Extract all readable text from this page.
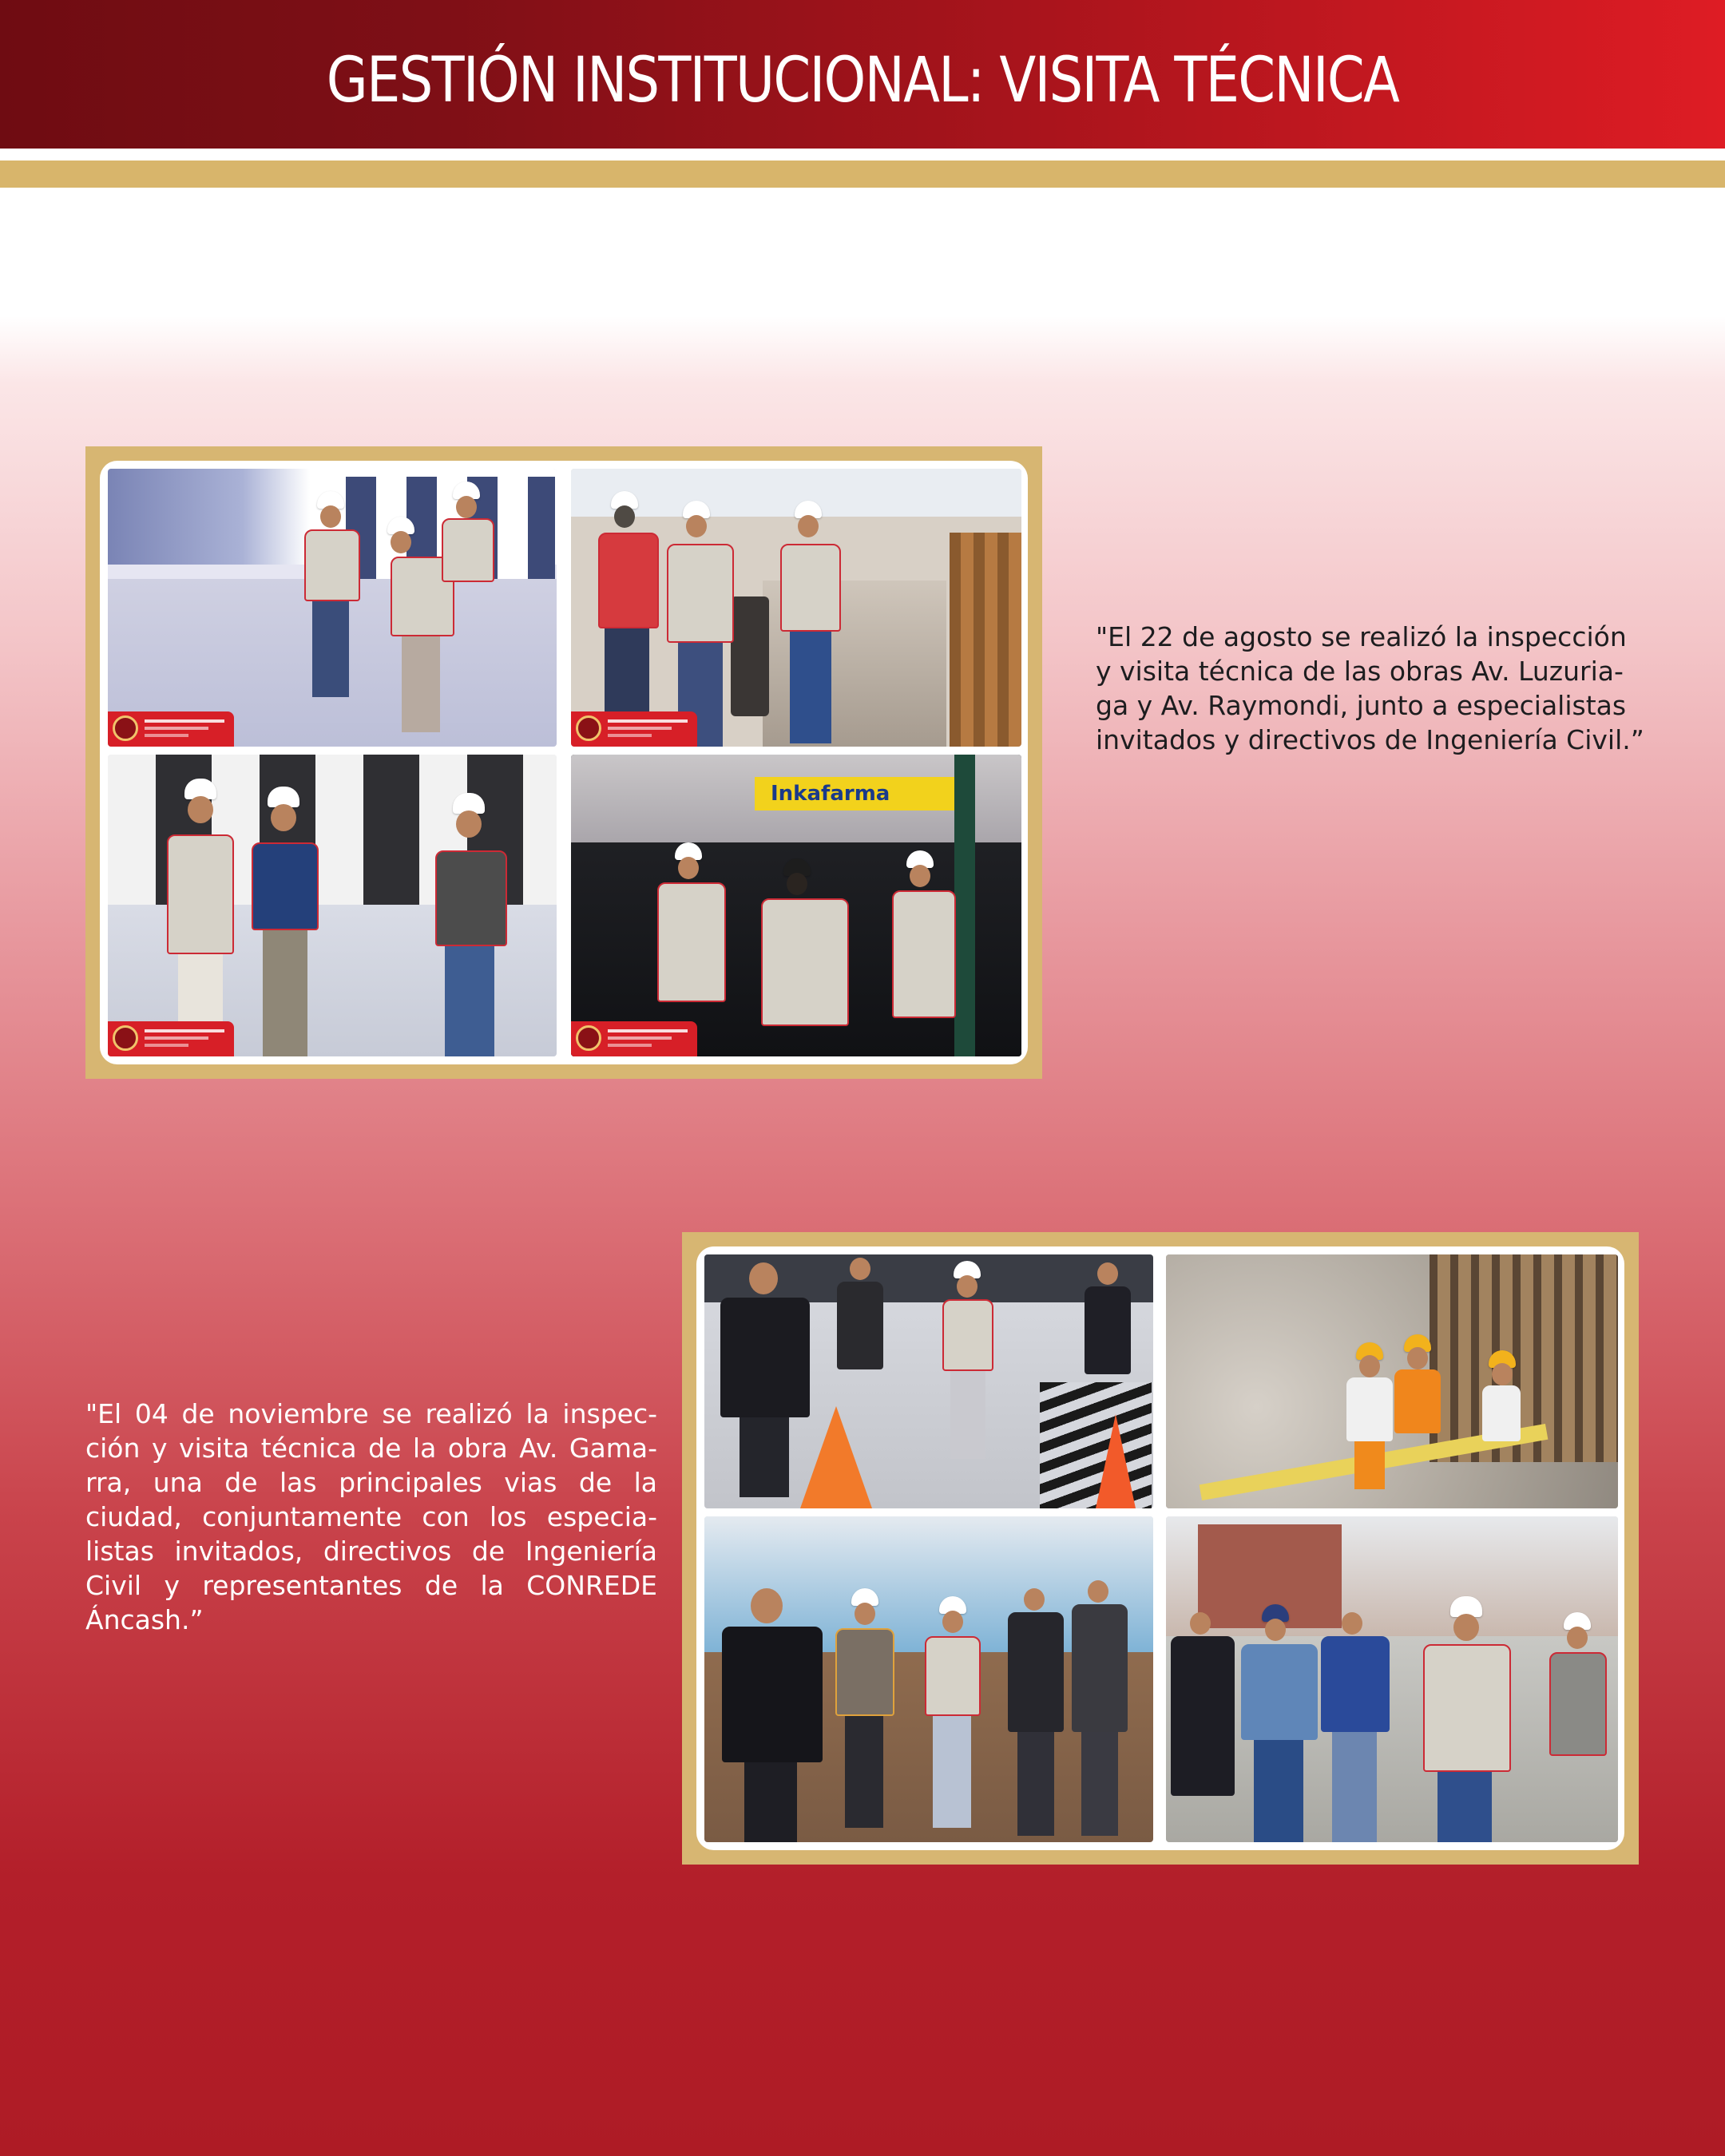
GESTIÓN INSTITUCIONAL: VISITA TÉCNICA
Inkafarma

"El 22 de agosto se realizó la inspección y visita técnica de las obras Av. Luzuria-ga y Av. Raymondi, junto a especialistas invitados y directivos de Ingeniería Civil.”

"El 04 de noviembre se realizó la inspec-ción y visita técnica de la obra Av. Gama-rra, una de las principales vias de la ciudad, conjuntamente con los especia-listas invitados, directivos de Ingeniería Civil y representantes de la CONREDE Áncash.”
